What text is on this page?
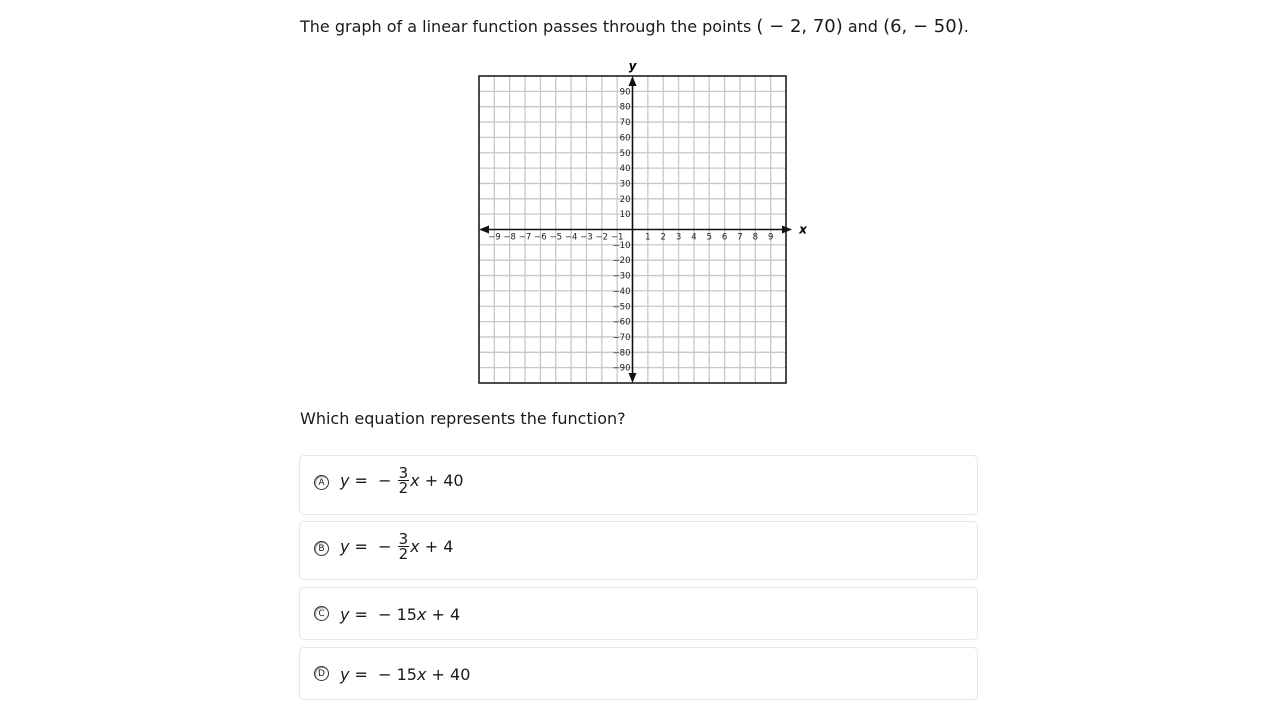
The graph of a linear function passes through the points ( − 2, 70) and (6, − 50).
x
y
−9 −8 −7 −6 −5 −4 −3 −2 −1	1 2 3 4 5 6 7 8 9
90
80
70
60
50
40
30
20
10
−10
−20
−30
−40
−50
−60
−70
−80
−90
Which equation represents the function?
A y =  − $\frac{3}{2}$ x + 40
B y =  − $\frac{3}{2}$ x + 4
C y =  − 15 x + 4
D y =  − 15 x + 40
